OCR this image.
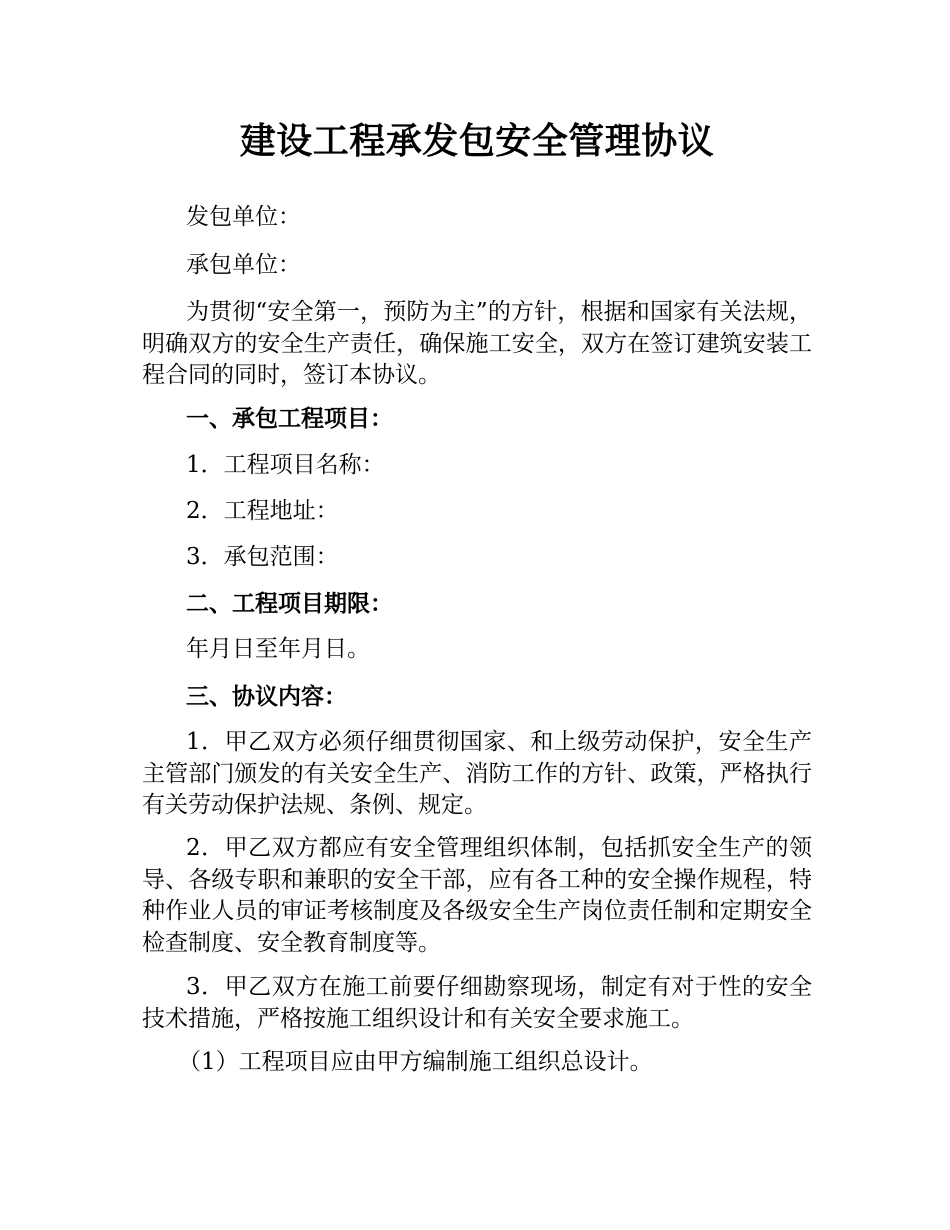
建设工程承发包安全管理协议

发包单位：

承包单位：

为贯彻“安全第一，预防为主”的方针，根据和国家有关法规，明确双方的安全生产责任，确保施工安全，双方在签订建筑安装工程合同的同时，签订本协议。

一、承包工程项目：

1．工程项目名称：

2．工程地址：

3．承包范围：

二、工程项目期限：

年月日至年月日。

三、协议内容：

1．甲乙双方必须仔细贯彻国家、和上级劳动保护，安全生产主管部门颁发的有关安全生产、消防工作的方针、政策，严格执行有关劳动保护法规、条例、规定。

2．甲乙双方都应有安全管理组织体制，包括抓安全生产的领导、各级专职和兼职的安全干部，应有各工种的安全操作规程，特种作业人员的审证考核制度及各级安全生产岗位责任制和定期安全检查制度、安全教育制度等。

3．甲乙双方在施工前要仔细勘察现场，制定有对于性的安全技术措施，严格按施工组织设计和有关安全要求施工。

（1）工程项目应由甲方编制施工组织总设计。
